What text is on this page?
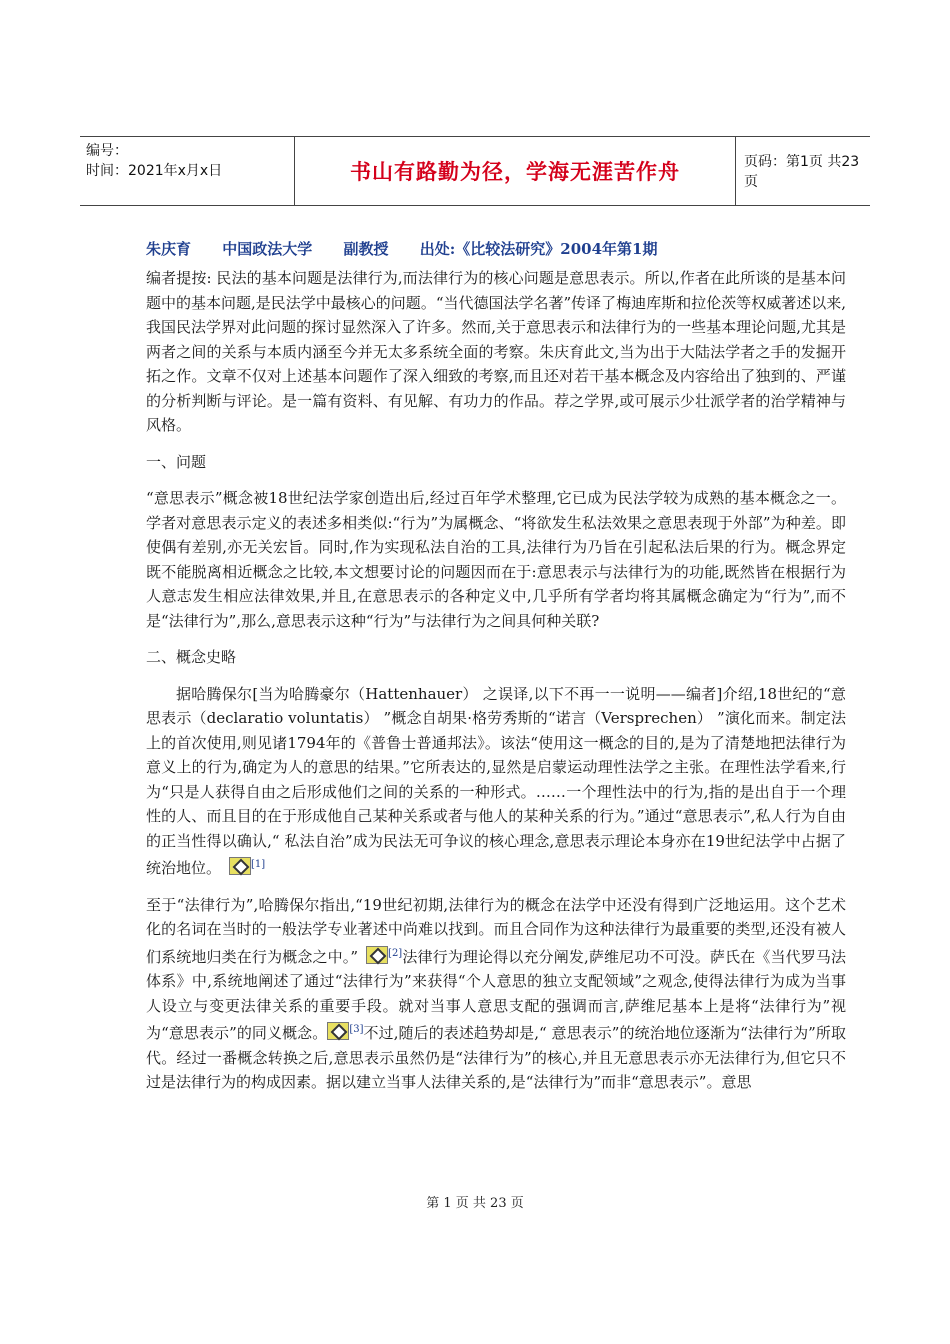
编号：
时间：2021年x月x日	书山有路勤为径，学海无涯苦作舟	页码：第1页 共23页
朱庆育 中国政法大学 副教授 出处:《比较法研究》2004年第1期

编者提按: 民法的基本问题是法律行为,而法律行为的核心问题是意思表示。所以,作者在此所谈的是基本问题中的基本问题,是民法学中最核心的问题。“当代德国法学名著”传译了梅迪库斯和拉伦茨等权威著述以来,我国民法学界对此问题的探讨显然深入了许多。然而,关于意思表示和法律行为的一些基本理论问题,尤其是两者之间的关系与本质内涵至今并无太多系统全面的考察。朱庆育此文,当为出于大陆法学者之手的发掘开拓之作。文章不仅对上述基本问题作了深入细致的考察,而且还对若干基本概念及内容给出了独到的、严谨的分析判断与评论。是一篇有资料、有见解、有功力的作品。荐之学界,或可展示少壮派学者的治学精神与风格。

一、问题

“意思表示”概念被18世纪法学家创造出后,经过百年学术整理,它已成为民法学较为成熟的基本概念之一。学者对意思表示定义的表述多相类似:“行为”为属概念、“将欲发生私法效果之意思表现于外部”为种差。即使偶有差别,亦无关宏旨。同时,作为实现私法自治的工具,法律行为乃旨在引起私法后果的行为。概念界定既不能脱离相近概念之比较,本文想要讨论的问题因而在于:意思表示与法律行为的功能,既然皆在根据行为人意志发生相应法律效果,并且,在意思表示的各种定义中,几乎所有学者均将其属概念确定为“行为”,而不是“法律行为”,那么,意思表示这种“行为”与法律行为之间具何种关联?

二、概念史略

据哈腾保尔[当为哈腾豪尔（Hattenhauer） 之误译,以下不再一一说明——编者]介绍,18世纪的“意思表示（declaratio voluntatis） ”概念自胡果·格劳秀斯的“诺言（Versprechen） ”演化而来。制定法上的首次使用,则见诸1794年的《普鲁士普通邦法》。该法“使用这一概念的目的,是为了清楚地把法律行为意义上的行为,确定为人的意思的结果。”它所表达的,显然是启蒙运动理性法学之主张。在理性法学看来,行为“只是人获得自由之后形成他们之间的关系的一种形式。……一个理性法中的行为,指的是出自于一个理性的人、而且目的在于形成他自己某种关系或者与他人的某种关系的行为。”通过“意思表示”,私人行为自由的正当性得以确认,“ 私法自治”成为民法无可争议的核心理念,意思表示理论本身亦在19世纪法学中占据了统治地位。	[1]

至于“法律行为”,哈腾保尔指出,“19世纪初期,法律行为的概念在法学中还没有得到广泛地运用。这个艺术化的名词在当时的一般法学专业著述中尚难以找到。而且合同作为这种法律行为最重要的类型,还没有被人们系统地归类在行为概念之中。”	[2]法律行为理论得以充分阐发,萨维尼功不可没。萨氏在《当代罗马法体系》中,系统地阐述了通过“法律行为”来获得“个人意思的独立支配领域”之观念,使得法律行为成为当事人设立与变更法律关系的重要手段。就对当事人意思支配的强调而言,萨维尼基本上是将“法律行为”视为“意思表示”的同义概念。 [3]不过,随后的表述趋势却是,“ 意思表示”的统治地位逐渐为“法律行为”所取代。经过一番概念转换之后,意思表示虽然仍是“法律行为”的核心,并且无意思表示亦无法律行为,但它只不过是法律行为的构成因素。据以建立当事人法律关系的,是“法律行为”而非“意思表示”。意思

第 1 页 共 23 页
